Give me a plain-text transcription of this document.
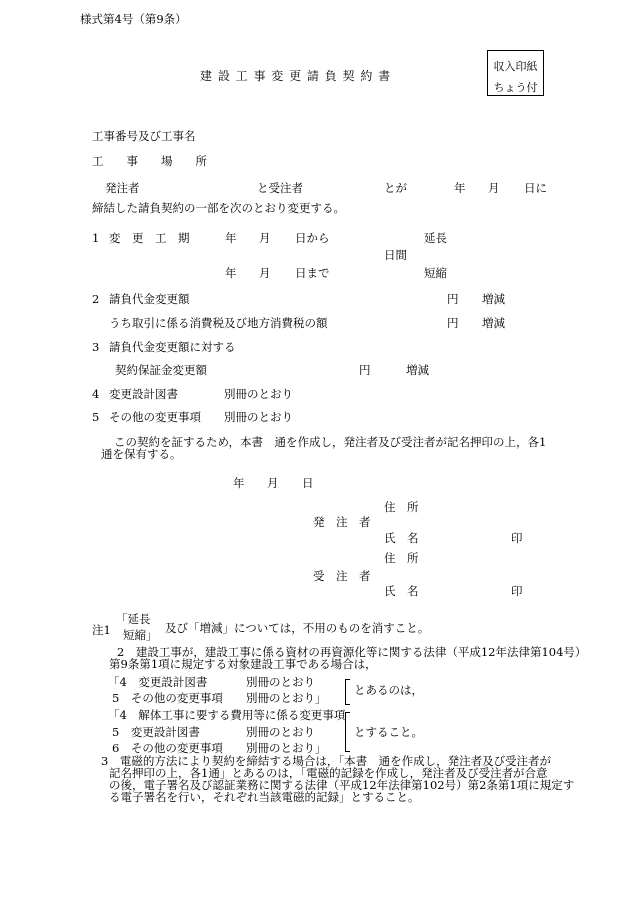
様式第4号（第9条）
建 設 工 事 変 更 請 負 契 約 書
収入印紙
ちょう付
工事番号及び工事名
工　　事　　場　　所
発注者	と受注者	とが	年 月 日に
締結した請負契約の一部を次のとおり変更する。
1 変　更　工　期	年 月 日から	延長
日間
年 月 日まで	短縮
2 請負代金変更額	円 増減
うち取引に係る消費税及び地方消費税の額	円 増減
3 請負代金変更額に対する
契約保証金変更額	円	増減
4 変更設計図書	別冊のとおり
5 その他の変更事項 別冊のとおり
この契約を証するため，本書　通を作成し，発注者及び受注者が記名押印の上，各1
通を保有する。
年 月 日
住　所
発　注　者
氏　名	印
住　所
受　注　者
氏　名	印
注1
「延長
短縮」 及び「増減」については，不用のものを消すこと。
2　建設工事が，建設工事に係る資材の再資源化等に関する法律（平成12年法律第104号）
第9条第1項に規定する対象建設工事である場合は，
「4　変更設計図書	別冊のとおり
5　その他の変更事項 別冊のとおり」
とあるのは，
「4　解体工事に要する費用等に係る変更事項
5　変更設計図書	別冊のとおり	とすること。
6　その他の変更事項 別冊のとおり」
3　電磁的方法により契約を締結する場合は，「本書　通を作成し，発注者及び受注者が
記名押印の上，各1通」とあるのは，「電磁的記録を作成し，発注者及び受注者が合意
の後，電子署名及び認証業務に関する法律（平成12年法律第102号）第2条第1項に規定す
る電子署名を行い，それぞれ当該電磁的記録」とすること。
